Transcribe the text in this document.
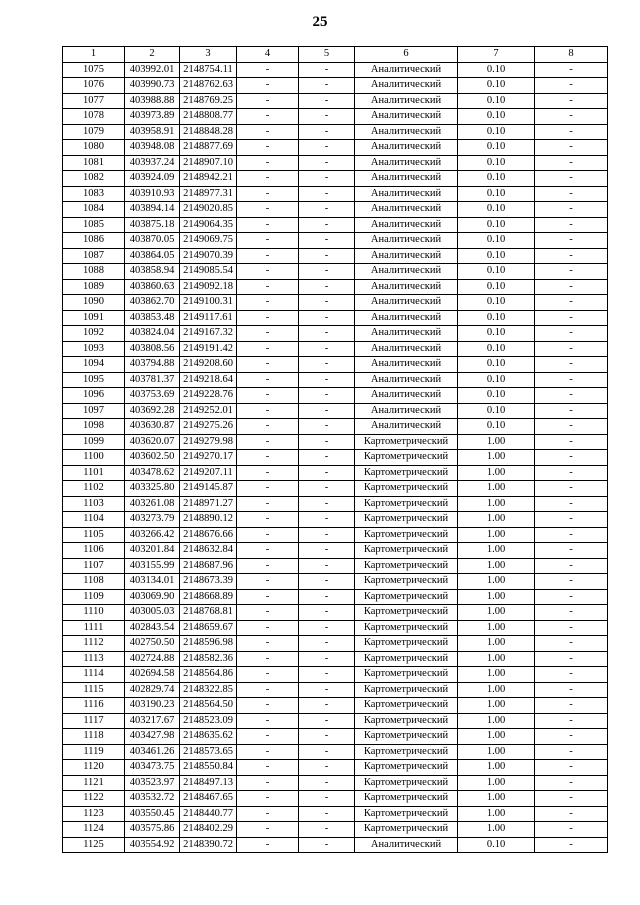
25
1	2	3	4	5	6	7	8
1075	403992.01	2148754.11	-	-	Аналитический	0.10	-
1076	403990.73	2148762.63	-	-	Аналитический	0.10	-
1077	403988.88	2148769.25	-	-	Аналитический	0.10	-
1078	403973.89	2148808.77	-	-	Аналитический	0.10	-
1079	403958.91	2148848.28	-	-	Аналитический	0.10	-
1080	403948.08	2148877.69	-	-	Аналитический	0.10	-
1081	403937.24	2148907.10	-	-	Аналитический	0.10	-
1082	403924.09	2148942.21	-	-	Аналитический	0.10	-
1083	403910.93	2148977.31	-	-	Аналитический	0.10	-
1084	403894.14	2149020.85	-	-	Аналитический	0.10	-
1085	403875.18	2149064.35	-	-	Аналитический	0.10	-
1086	403870.05	2149069.75	-	-	Аналитический	0.10	-
1087	403864.05	2149070.39	-	-	Аналитический	0.10	-
1088	403858.94	2149085.54	-	-	Аналитический	0.10	-
1089	403860.63	2149092.18	-	-	Аналитический	0.10	-
1090	403862.70	2149100.31	-	-	Аналитический	0.10	-
1091	403853.48	2149117.61	-	-	Аналитический	0.10	-
1092	403824.04	2149167.32	-	-	Аналитический	0.10	-
1093	403808.56	2149191.42	-	-	Аналитический	0.10	-
1094	403794.88	2149208.60	-	-	Аналитический	0.10	-
1095	403781.37	2149218.64	-	-	Аналитический	0.10	-
1096	403753.69	2149228.76	-	-	Аналитический	0.10	-
1097	403692.28	2149252.01	-	-	Аналитический	0.10	-
1098	403630.87	2149275.26	-	-	Аналитический	0.10	-
1099	403620.07	2149279.98	-	-	Картометрический	1.00	-
1100	403602.50	2149270.17	-	-	Картометрический	1.00	-
1101	403478.62	2149207.11	-	-	Картометрический	1.00	-
1102	403325.80	2149145.87	-	-	Картометрический	1.00	-
1103	403261.08	2148971.27	-	-	Картометрический	1.00	-
1104	403273.79	2148890.12	-	-	Картометрический	1.00	-
1105	403266.42	2148676.66	-	-	Картометрический	1.00	-
1106	403201.84	2148632.84	-	-	Картометрический	1.00	-
1107	403155.99	2148687.96	-	-	Картометрический	1.00	-
1108	403134.01	2148673.39	-	-	Картометрический	1.00	-
1109	403069.90	2148668.89	-	-	Картометрический	1.00	-
1110	403005.03	2148768.81	-	-	Картометрический	1.00	-
1111	402843.54	2148659.67	-	-	Картометрический	1.00	-
1112	402750.50	2148596.98	-	-	Картометрический	1.00	-
1113	402724.88	2148582.36	-	-	Картометрический	1.00	-
1114	402694.58	2148564.86	-	-	Картометрический	1.00	-
1115	402829.74	2148322.85	-	-	Картометрический	1.00	-
1116	403190.23	2148564.50	-	-	Картометрический	1.00	-
1117	403217.67	2148523.09	-	-	Картометрический	1.00	-
1118	403427.98	2148635.62	-	-	Картометрический	1.00	-
1119	403461.26	2148573.65	-	-	Картометрический	1.00	-
1120	403473.75	2148550.84	-	-	Картометрический	1.00	-
1121	403523.97	2148497.13	-	-	Картометрический	1.00	-
1122	403532.72	2148467.65	-	-	Картометрический	1.00	-
1123	403550.45	2148440.77	-	-	Картометрический	1.00	-
1124	403575.86	2148402.29	-	-	Картометрический	1.00	-
1125	403554.92	2148390.72	-	-	Аналитический	0.10	-
